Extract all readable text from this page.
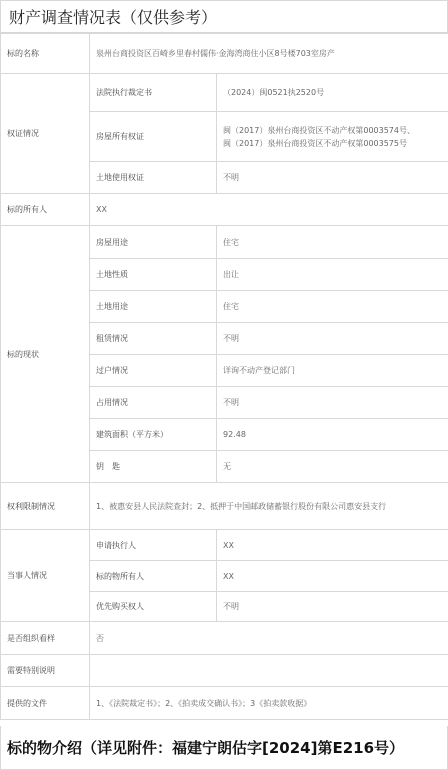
财产调查情况表（仅供参考）
标的名称	泉州台商投资区百崎乡里春村儒伟·金海湾商住小区8号楼703室房产	
权证情况	法院执行裁定书	（2024）闽0521执2520号
	房屋所有权证	闽（2017）泉州台商投资区不动产权第0003574号、
闽（2017）泉州台商投资区不动产权第0003575号

	土地使用权证	不明
标的所有人	XX	
标的现状	房屋用途	住宅
	土地性质	出让
	土地用途	住宅
	租赁情况	不明
	过户情况	详询不动产登记部门
	占用情况	不明
	建筑面积（平方米）	92.48
	钥　匙	无
权利限制情况	1、被惠安县人民法院查封；2、抵押于中国邮政储蓄银行股份有限公司惠安县支行	
当事人情况	申请执行人	XX
	标的物所有人	XX
	优先购买权人	不明
是否组织看样	否	
需要特别说明		
提供的文件	1、《法院裁定书》；2、《拍卖成交确认书》；3《拍卖款收据》	
标的物介绍（详见附件：福建宁朗估字[2024]第E216号）
